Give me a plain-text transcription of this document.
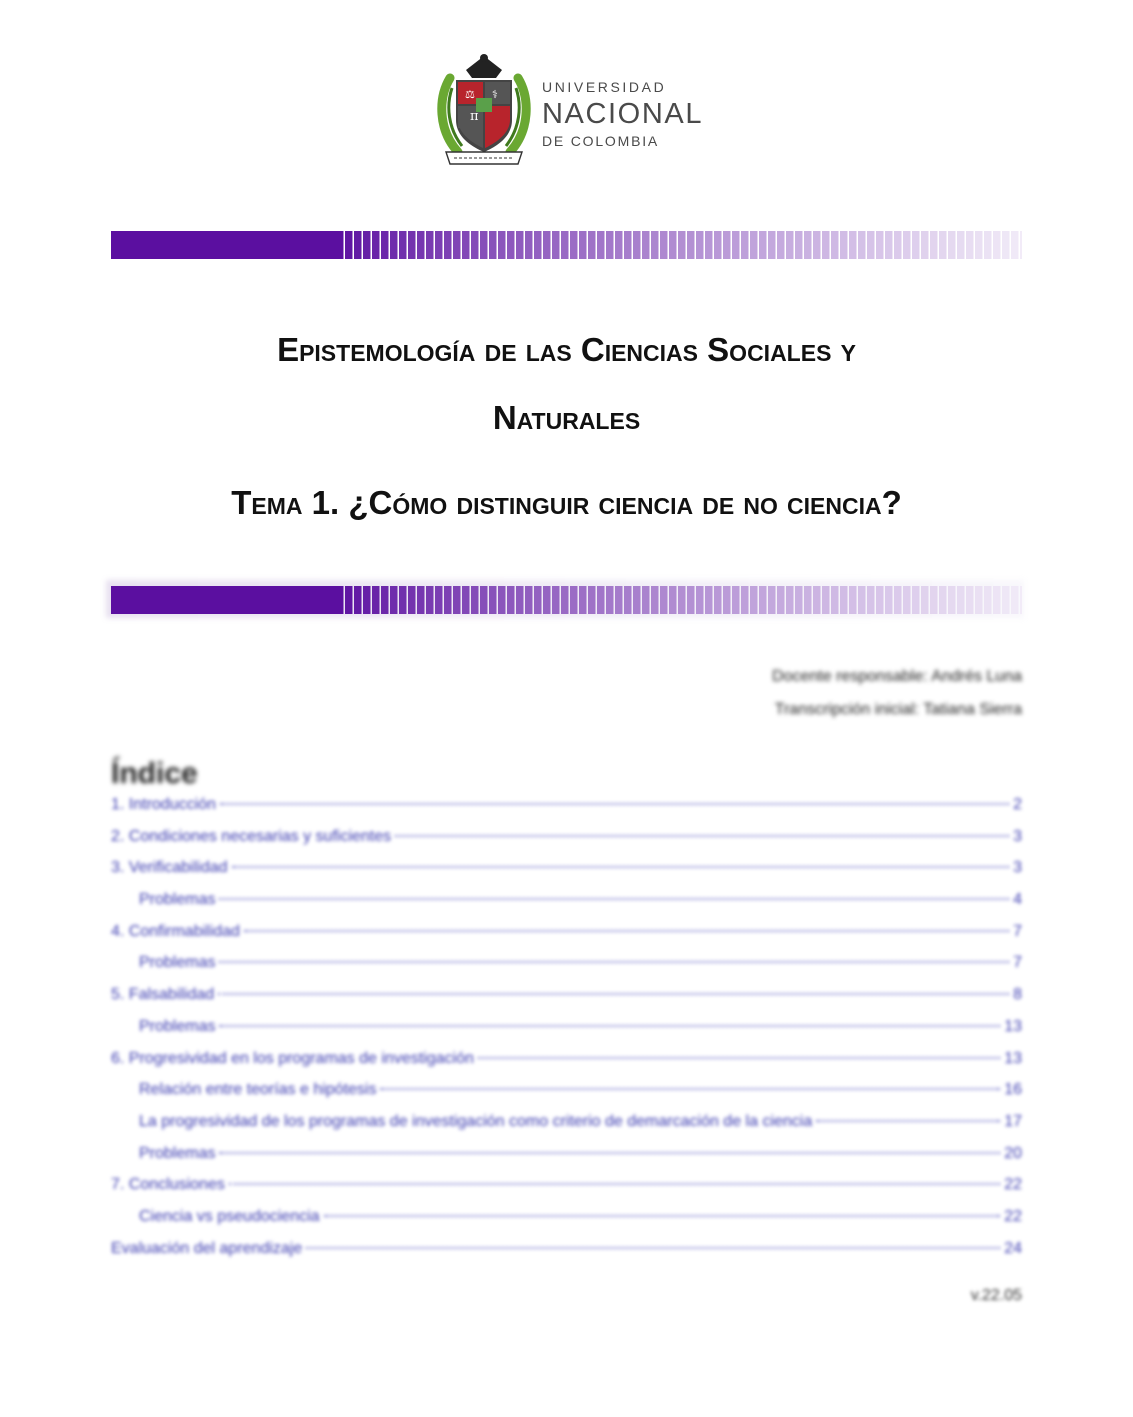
π
⚖ ⚕	UNIVERSIDAD
NACIONAL
DE COLOMBIA
Epistemología de las Ciencias Sociales y
Naturales
Tema 1. ¿Cómo distinguir ciencia de no ciencia?
Docente responsable: Andrés Luna
Transcripción inicial: Tatiana Sierra
Índice
1. Introducción	2
2. Condiciones necesarias y suficientes	3
3. Verificabilidad	3
Problemas	4
4. Confirmabilidad	7
Problemas	7
5. Falsabilidad	8
Problemas	13
6. Progresividad en los programas de investigación	13
Relación entre teorías e hipótesis	16
La progresividad de los programas de investigación como criterio de demarcación de la ciencia	17
Problemas	20
7. Conclusiones	22
Ciencia vs pseudociencia	22
Evaluación del aprendizaje	24
v.22.05
